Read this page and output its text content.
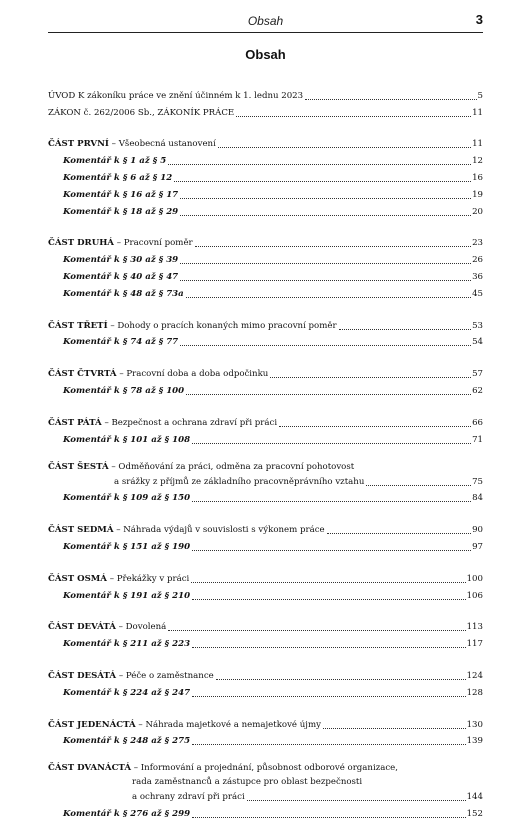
Obsah	3
Obsah
ÚVOD K zákoníku práce ve znění účinném k 1. lednu 2023	5
ZÁKON č. 262/2006 Sb., ZÁKONÍK PRÁCE	11
ČÁST PRVNÍ – Všeobecná ustanovení	11
Komentář k § 1 až § 5	12
Komentář k § 6 až § 12	16
Komentář k § 16 až § 17	19
Komentář k § 18 až § 29	20
ČÁST DRUHÁ – Pracovní poměr	23
Komentář k § 30 až § 39	26
Komentář k § 40 až § 47	36
Komentář k § 48 až § 73a	45
ČÁST TŘETÍ – Dohody o pracích konaných mimo pracovní poměr	53
Komentář k § 74 až § 77	54
ČÁST ČTVRTÁ – Pracovní doba a doba odpočinku	57
Komentář k § 78 až § 100	62
ČÁST PÁTÁ – Bezpečnost a ochrana zdraví při práci	66
Komentář k § 101 až § 108	71
ČÁST ŠESTÁ – Odměňování za práci, odměna za pracovní pohotovost
a srážky z příjmů ze základního pracovněprávního vztahu	75
Komentář k § 109 až § 150	84
ČÁST SEDMÁ – Náhrada výdajů v souvislosti s výkonem práce	90
Komentář k § 151 až § 190	97
ČÁST OSMÁ – Překážky v práci	100
Komentář k § 191 až § 210	106
ČÁST DEVÁTÁ – Dovolená	113
Komentář k § 211 až § 223	117
ČÁST DESÁTÁ – Péče o zaměstnance	124
Komentář k § 224 až § 247	128
ČÁST JEDENÁCTÁ – Náhrada majetkové a nemajetkové újmy	130
Komentář k § 248 až § 275	139
ČÁST DVANÁCTÁ – Informování a projednání, působnost odborové organizace,
rada zaměstnanců a zástupce pro oblast bezpečnosti
a ochrany zdraví při práci	144
Komentář k § 276 až § 299	152
